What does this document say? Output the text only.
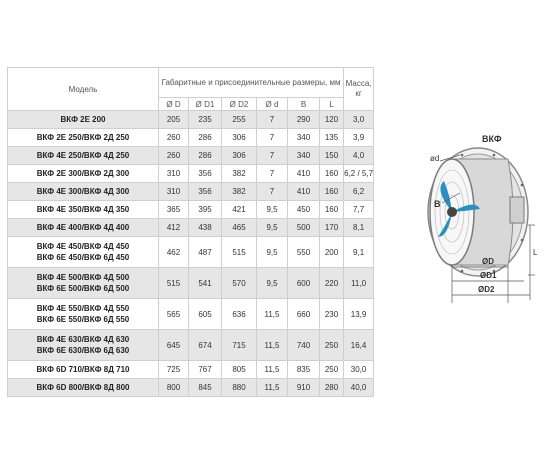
Модель	Габаритные и присоединительные размеры, мм						Масса, кг
	Ø D	Ø D1	Ø D2	Ø d	B	L	

ВКФ 2Е 200	205	235	255	7	290	120	3,0

ВКФ 2Е 250/ВКФ 2Д 250	260	286	306	7	340	135	3,9

ВКФ 4Е 250/ВКФ 4Д 250	260	286	306	7	340	150	4,0

ВКФ 2Е 300/ВКФ 2Д 300	310	356	382	7	410	160	6,2 / 5,7

ВКФ 4Е 300/ВКФ 4Д 300	310	356	382	7	410	160	6,2

ВКФ 4Е 350/ВКФ 4Д 350	365	395	421	9,5	450	160	7,7

ВКФ 4Е 400/ВКФ 4Д 400	412	438	465	9,5	500	170	8,1

ВКФ 4Е 450/ВКФ 4Д 450
ВКФ 6Е 450/ВКФ 6Д 450	462	487	515	9,5	550	200	9,1

ВКФ 4Е 500/ВКФ 4Д 500
ВКФ 6Е 500/ВКФ 6Д 500	515	541	570	9,5	600	220	11,0

ВКФ 4Е 550/ВКФ 4Д 550
ВКФ 6Е 550/ВКФ 6Д 550	565	605	636	11,5	660	230	13,9

ВКФ 4Е 630/ВКФ 4Д 630
ВКФ 6Е 630/ВКФ 6Д 630	645	674	715	11,5	740	250	16,4

ВКФ 6D 710/ВКФ 8Д 710	725	767	805	11,5	835	250	30,0

ВКФ 6D 800/ВКФ 8Д 800	800	845	880	11,5	910	280	40,0
ВКФ
ød
B
ØD
ØD1
ØD2
L
